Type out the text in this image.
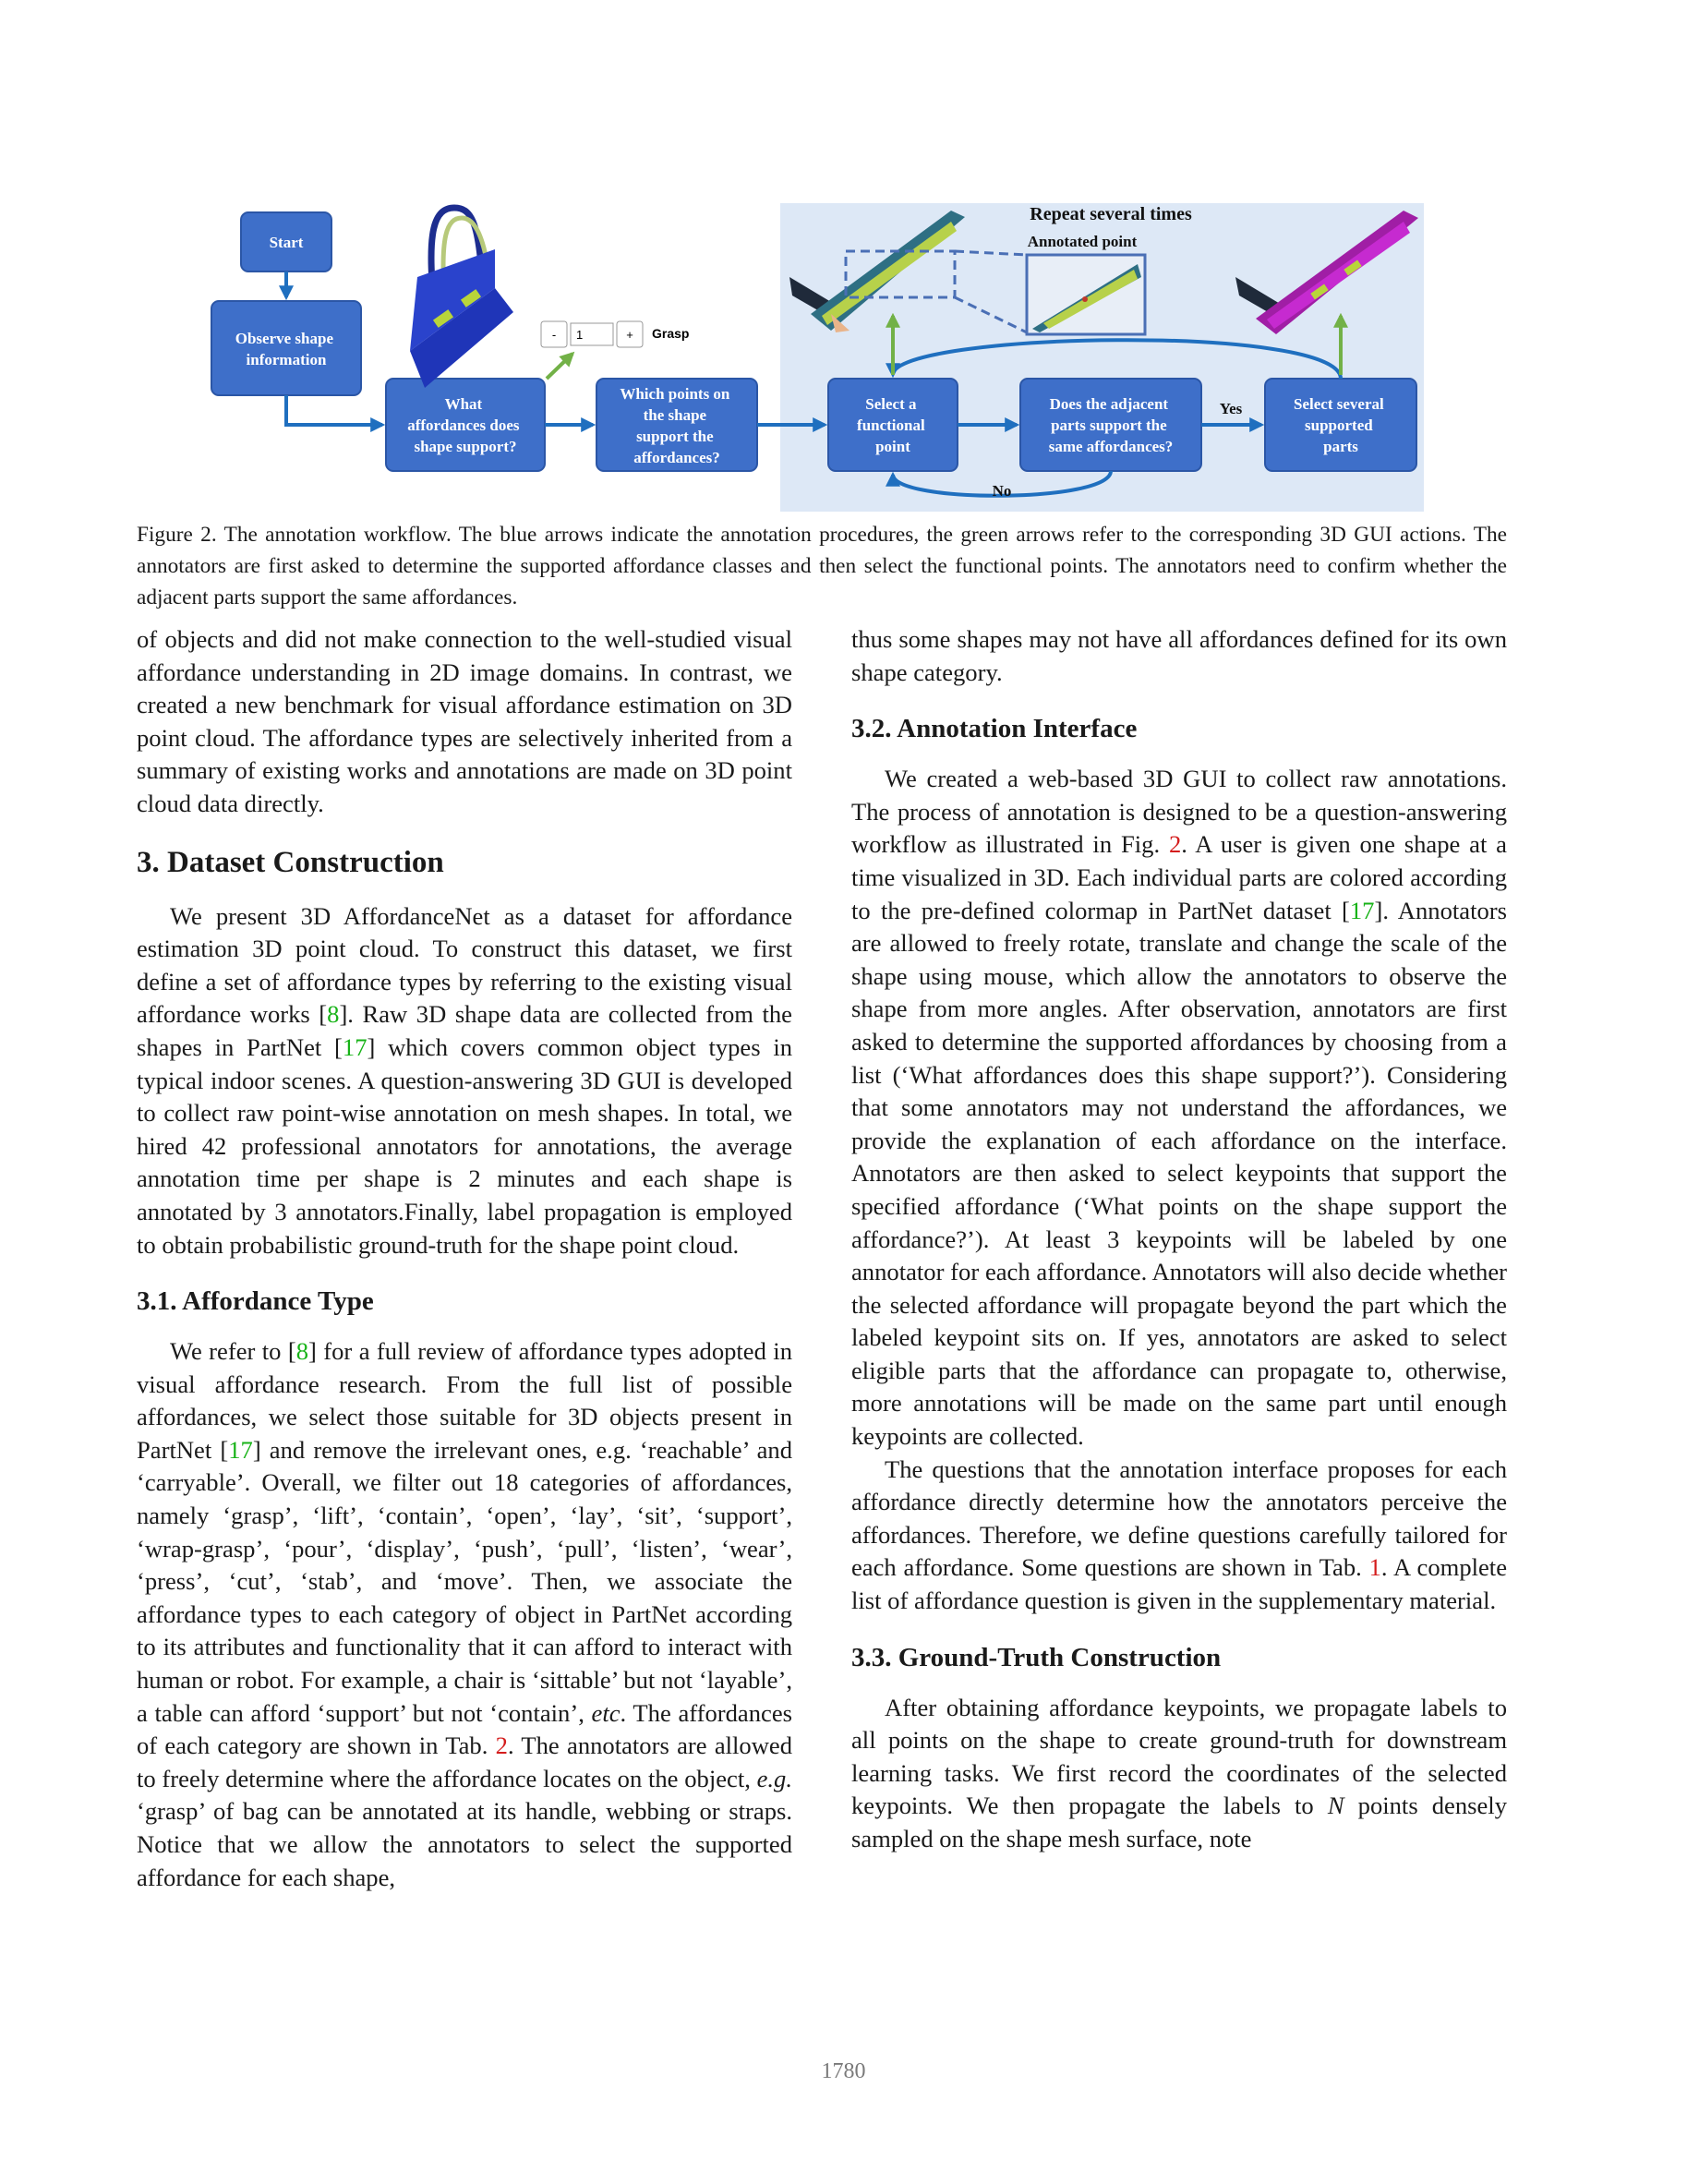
Start
Observe shape information
What affordances does shape support?
Which points on the shape support the affordances?
Select a functional point
Does the adjacent parts support the same affordances?
Select several supported parts
Yes
No
Repeat several times
Annotated point
- 1	+ Grasp

Figure 2. The annotation workflow. The blue arrows indicate the annotation procedures, the green arrows refer to the corresponding 3D GUI actions. The annotators are first asked to determine the supported affordance classes and then select the functional points. The annotators need to confirm whether the adjacent parts support the same affordances.

of objects and did not make connection to the well-studied visual affordance understanding in 2D image domains. In contrast, we created a new benchmark for visual affordance estimation on 3D point cloud. The affordance types are selectively inherited from a summary of existing works and annotations are made on 3D point cloud data directly.

3. Dataset Construction

We present 3D AffordanceNet as a dataset for affordance estimation 3D point cloud. To construct this dataset, we first define a set of affordance types by referring to the existing visual affordance works [8]. Raw 3D shape data are collected from the shapes in PartNet [17] which covers common object types in typical indoor scenes. A question-answering 3D GUI is developed to collect raw point-wise annotation on mesh shapes. In total, we hired 42 professional annotators for annotations, the average annotation time per shape is 2 minutes and each shape is annotated by 3 annotators.Finally, label propagation is employed to obtain probabilistic ground-truth for the shape point cloud.

3.1. Affordance Type

We refer to [8] for a full review of affordance types adopted in visual affordance research. From the full list of possible affordances, we select those suitable for 3D objects present in PartNet [17] and remove the irrelevant ones, e.g. ‘reachable’ and ‘carryable’. Overall, we filter out 18 categories of affordances, namely ‘grasp’, ‘lift’, ‘contain’, ‘open’, ‘lay’, ‘sit’, ‘support’, ‘wrap-grasp’, ‘pour’, ‘display’, ‘push’, ‘pull’, ‘listen’, ‘wear’, ‘press’, ‘cut’, ‘stab’, and ‘move’. Then, we associate the affordance types to each category of object in PartNet according to its attributes and functionality that it can afford to interact with human or robot. For example, a chair is ‘sittable’ but not ‘layable’, a table can afford ‘support’ but not ‘contain’, etc. The affordances of each category are shown in Tab. 2. The annotators are allowed to freely determine where the affordance locates on the object, e.g. ‘grasp’ of bag can be annotated at its handle, webbing or straps. Notice that we allow the annotators to select the supported affordance for each shape,

thus some shapes may not have all affordances defined for its own shape category.

3.2. Annotation Interface

We created a web-based 3D GUI to collect raw annotations. The process of annotation is designed to be a question-answering workflow as illustrated in Fig. 2. A user is given one shape at a time visualized in 3D. Each individual parts are colored according to the pre-defined colormap in PartNet dataset [17]. Annotators are allowed to freely rotate, translate and change the scale of the shape using mouse, which allow the annotators to observe the shape from more angles. After observation, annotators are first asked to determine the supported affordances by choosing from a list (‘What affordances does this shape support?’). Considering that some annotators may not understand the affordances, we provide the explanation of each affordance on the interface. Annotators are then asked to select keypoints that support the specified affordance (‘What points on the shape support the affordance?’). At least 3 keypoints will be labeled by one annotator for each affordance. Annotators will also decide whether the selected affordance will propagate beyond the part which the labeled keypoint sits on. If yes, annotators are asked to select eligible parts that the affordance can propagate to, otherwise, more annotations will be made on the same part until enough keypoints are collected.

The questions that the annotation interface proposes for each affordance directly determine how the annotators perceive the affordances. Therefore, we define questions carefully tailored for each affordance. Some questions are shown in Tab. 1. A complete list of affordance question is given in the supplementary material.

3.3. Ground-Truth Construction

After obtaining affordance keypoints, we propagate labels to all points on the shape to create ground-truth for downstream learning tasks. We first record the coordinates of the selected keypoints. We then propagate the labels to N points densely sampled on the shape mesh surface, note

1780
